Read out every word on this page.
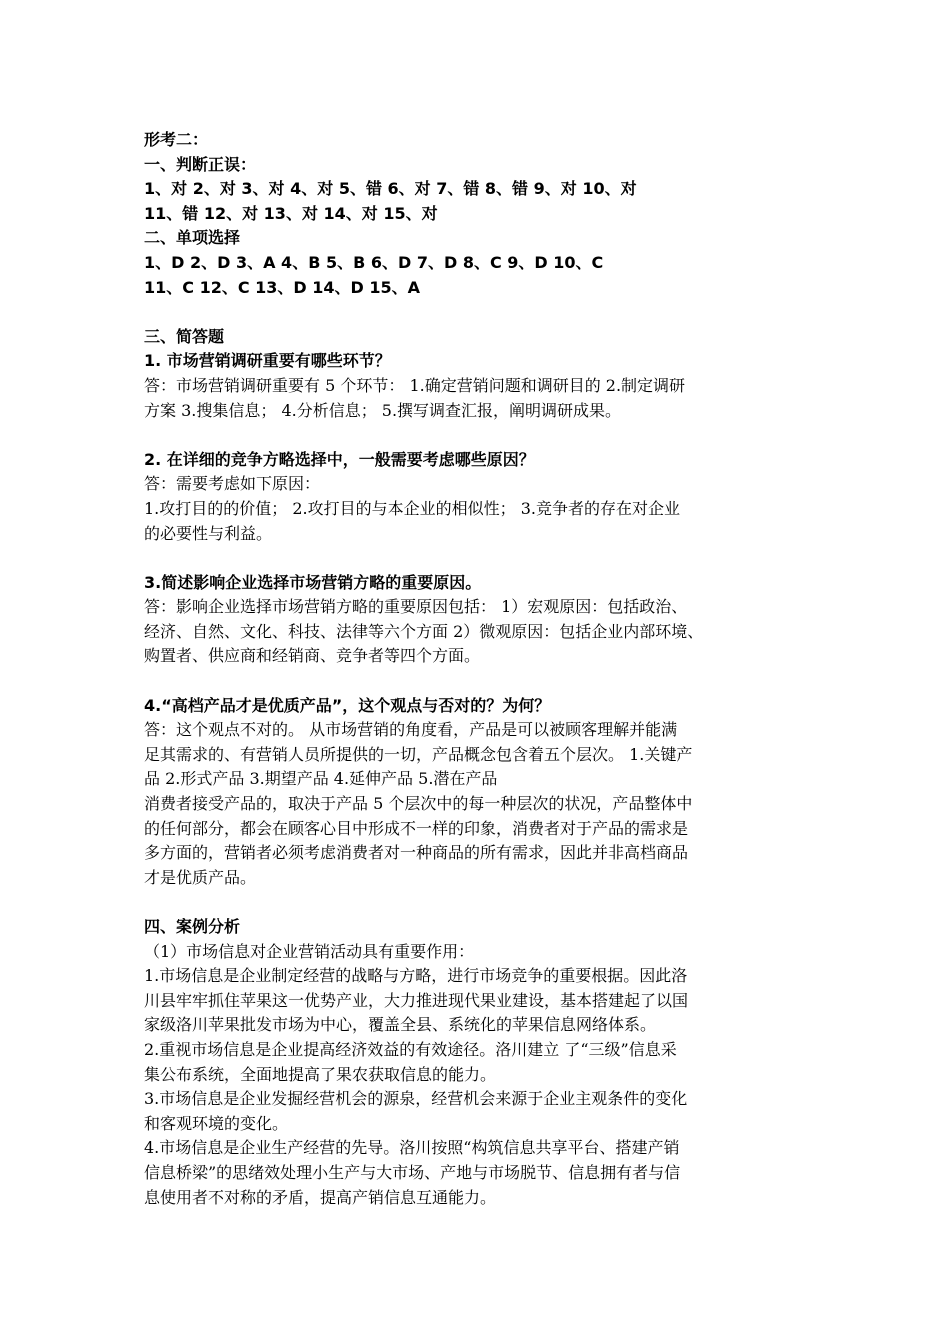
形考二：
一、判断正误：
1、对 2、对 3、对 4、对 5、错 6、对 7、错 8、错 9、对 10、对
11、错 12、对 13、对 14、对 15、对
二、单项选择
1、D 2、D 3、A 4、B 5、B 6、D 7、D 8、C 9、D 10、C
11、C 12、C 13、D 14、D 15、A
三、简答题
1. 市场营销调研重要有哪些环节？
答：市场营销调研重要有 5 个环节： 1.确定营销问题和调研目的 2.制定调研
方案 3.搜集信息； 4.分析信息； 5.撰写调查汇报，阐明调研成果。
2. 在详细的竞争方略选择中，一般需要考虑哪些原因？
答：需要考虑如下原因：
1.攻打目的的价值； 2.攻打目的与本企业的相似性； 3.竞争者的存在对企业
的必要性与利益。
3.简述影响企业选择市场营销方略的重要原因。
答：影响企业选择市场营销方略的重要原因包括： 1）宏观原因：包括政治、
经济、自然、文化、科技、法律等六个方面 2）微观原因：包括企业内部环境、
购置者、供应商和经销商、竞争者等四个方面。
4.“高档产品才是优质产品”，这个观点与否对的？为何？
答：这个观点不对的。 从市场营销的角度看，产品是可以被顾客理解并能满
足其需求的、有营销人员所提供的一切，产品概念包含着五个层次。 1.关键产
品 2.形式产品 3.期望产品 4.延伸产品 5.潜在产品
消费者接受产品的，取决于产品 5 个层次中的每一种层次的状况，产品整体中
的任何部分，都会在顾客心目中形成不一样的印象，消费者对于产品的需求是
多方面的，营销者必须考虑消费者对一种商品的所有需求，因此并非高档商品
才是优质产品。
四、案例分析
（1）市场信息对企业营销活动具有重要作用：
1.市场信息是企业制定经营的战略与方略，进行市场竞争的重要根据。因此洛
川县牢牢抓住苹果这一优势产业，大力推进现代果业建设，基本搭建起了以国
家级洛川苹果批发市场为中心，覆盖全县、系统化的苹果信息网络体系。
2.重视市场信息是企业提高经济效益的有效途径。洛川建立 了“三级”信息采
集公布系统，全面地提高了果农获取信息的能力。
3.市场信息是企业发掘经营机会的源泉，经营机会来源于企业主观条件的变化
和客观环境的变化。
4.市场信息是企业生产经营的先导。洛川按照“构筑信息共享平台、搭建产销
信息桥梁”的思绪效处理小生产与大市场、产地与市场脱节、信息拥有者与信
息使用者不对称的矛盾，提高产销信息互通能力。
